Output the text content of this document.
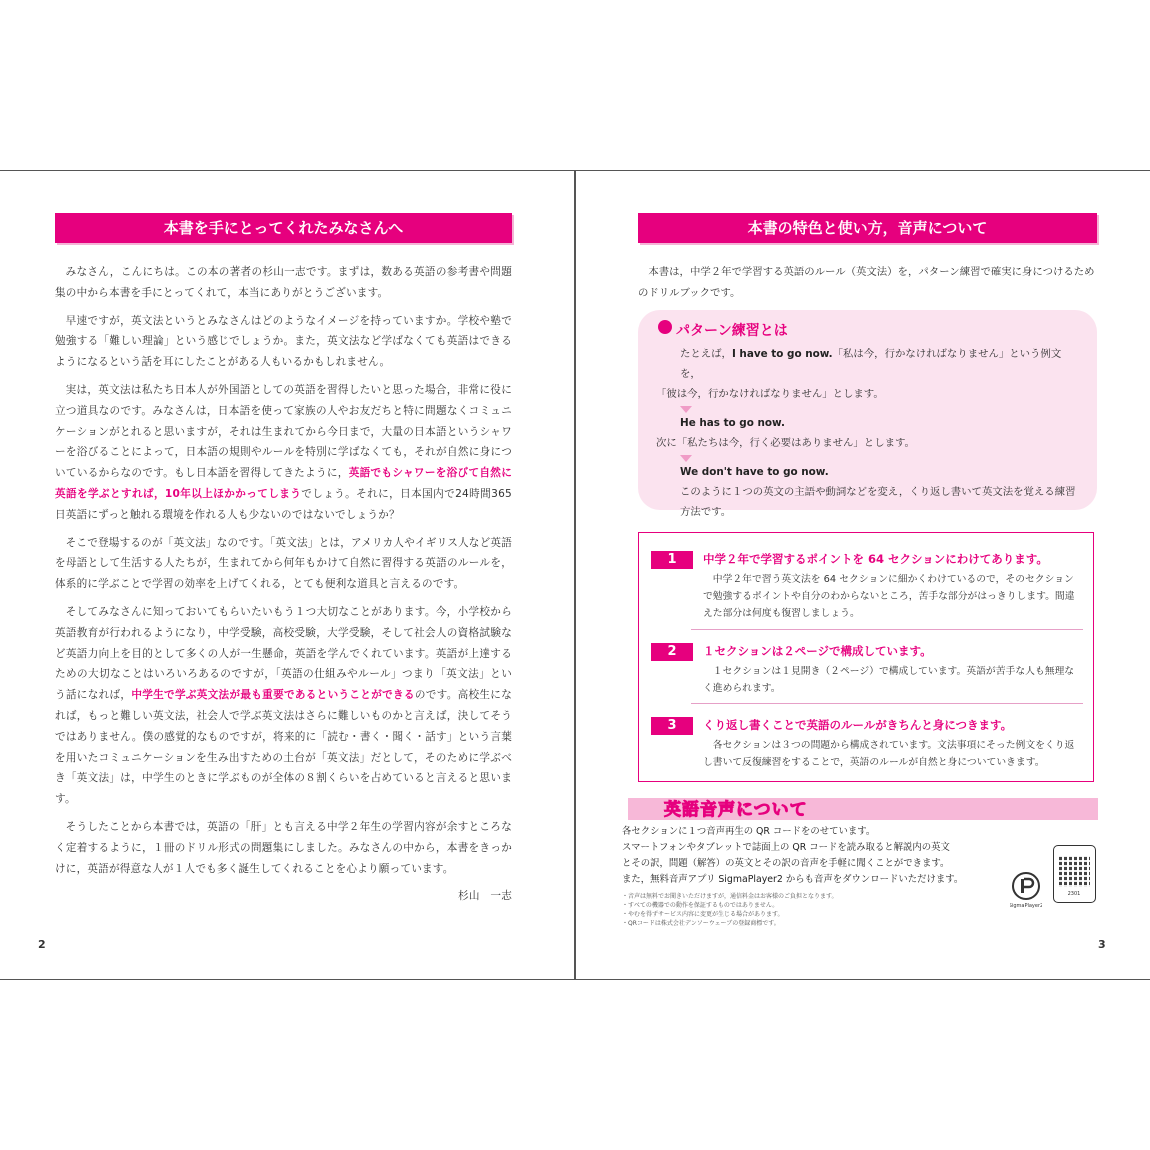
本書を手にとってくれたみなさんへ

みなさん，こんにちは。この本の著者の杉山一志です。まずは，数ある英語の参考書や問題集の中から本書を手にとってくれて，本当にありがとうございます。

早速ですが，英文法というとみなさんはどのようなイメージを持っていますか。学校や塾で勉強する「難しい理論」という感じでしょうか。また，英文法など学ばなくても英語はできるようになるという話を耳にしたことがある人もいるかもしれません。

実は，英文法は私たち日本人が外国語としての英語を習得したいと思った場合，非常に役に立つ道具なのです。みなさんは，日本語を使って家族の人やお友だちと特に問題なくコミュニケーションがとれると思いますが，それは生まれてから今日まで，大量の日本語というシャワーを浴びることによって，日本語の規則やルールを特別に学ばなくても，それが自然に身についているからなのです。もし日本語を習得してきたように，英語でもシャワーを浴びて自然に英語を学ぶとすれば，10年以上ほかかってしまうでしょう。それに，日本国内で24時間365日英語にずっと触れる環境を作れる人も少ないのではないでしょうか？

そこで登場するのが「英文法」なのです。「英文法」とは，アメリカ人やイギリス人など英語を母語として生活する人たちが，生まれてから何年もかけて自然に習得する英語のルールを，体系的に学ぶことで学習の効率を上げてくれる，とても便利な道具と言えるのです。

そしてみなさんに知っておいてもらいたいもう１つ大切なことがあります。今，小学校から英語教育が行われるようになり，中学受験，高校受験，大学受験，そして社会人の資格試験など英語力向上を目的として多くの人が一生懸命，英語を学んでくれています。英語が上達するための大切なことはいろいろあるのですが，「英語の仕組みやルール」つまり「英文法」という話になれば，中学生で学ぶ英文法が最も重要であるということができるのです。高校生になれば，もっと難しい英文法，社会人で学ぶ英文法はさらに難しいものかと言えば，決してそうではありません。僕の感覚的なものですが，将来的に「読む・書く・聞く・話す」という言葉を用いたコミュニケーションを生み出すための土台が「英文法」だとして，そのために学ぶべき「英文法」は，中学生のときに学ぶものが全体の８割くらいを占めていると言えると思います。

そうしたことから本書では，英語の「肝」とも言える中学２年生の学習内容が余すところなく定着するように，１冊のドリル形式の問題集にしました。みなさんの中から，本書をきっかけに，英語が得意な人が１人でも多く誕生してくれることを心より願っています。

杉山　一志
2
本書の特色と使い方，音声について

本書は，中学２年で学習する英語のルール（英文法）を，パターン練習で確実に身につけるためのドリルブックです。

パターン練習とは
たとえば，I have to go now.「私は今，行かなければなりません」という例文を，
「彼は今，行かなければなりません」とします。
He has to go now.
次に「私たちは今，行く必要はありません」とします。
We don't have to go now.
このように１つの英文の主語や動詞などを変え，くり返し書いて英文法を覚える練習方法です。
1	中学２年で学習するポイントを 64 セクションにわけてあります。

中学２年で習う英文法を 64 セクションに細かくわけているので，そのセクションで勉強するポイントや自分のわからないところ，苦手な部分がはっきりします。間違えた部分は何度も復習しましょう。

2	１セクションは２ページで構成しています。

１セクションは１見開き（２ページ）で構成しています。英語が苦手な人も無理なく進められます。

3	くり返し書くことで英語のルールがきちんと身につきます。

各セクションは３つの問題から構成されています。文法事項にそった例文をくり返し書いて反復練習をすることで，英語のルールが自然と身についていきます。

英語音声について

各セクションに１つ音声再生の QR コードをのせています。

スマートフォンやタブレットで誌面上の QR コードを読み取ると解説内の英文

とその訳，問題（解答）の英文とその訳の音声を手軽に聞くことができます。

また，無料音声アプリ SigmaPlayer2 からも音声をダウンロードいただけます。

・音声は無料でお聞きいただけますが，通信料金はお客様のご負担となります。

・すべての機器での動作を保証するものではありません。

・やむを得ずサービス内容に変更が生じる場合があります。

・QRコードは株式会社デンソーウェーブの登録商標です。

SigmaPlayer2
2301
3
